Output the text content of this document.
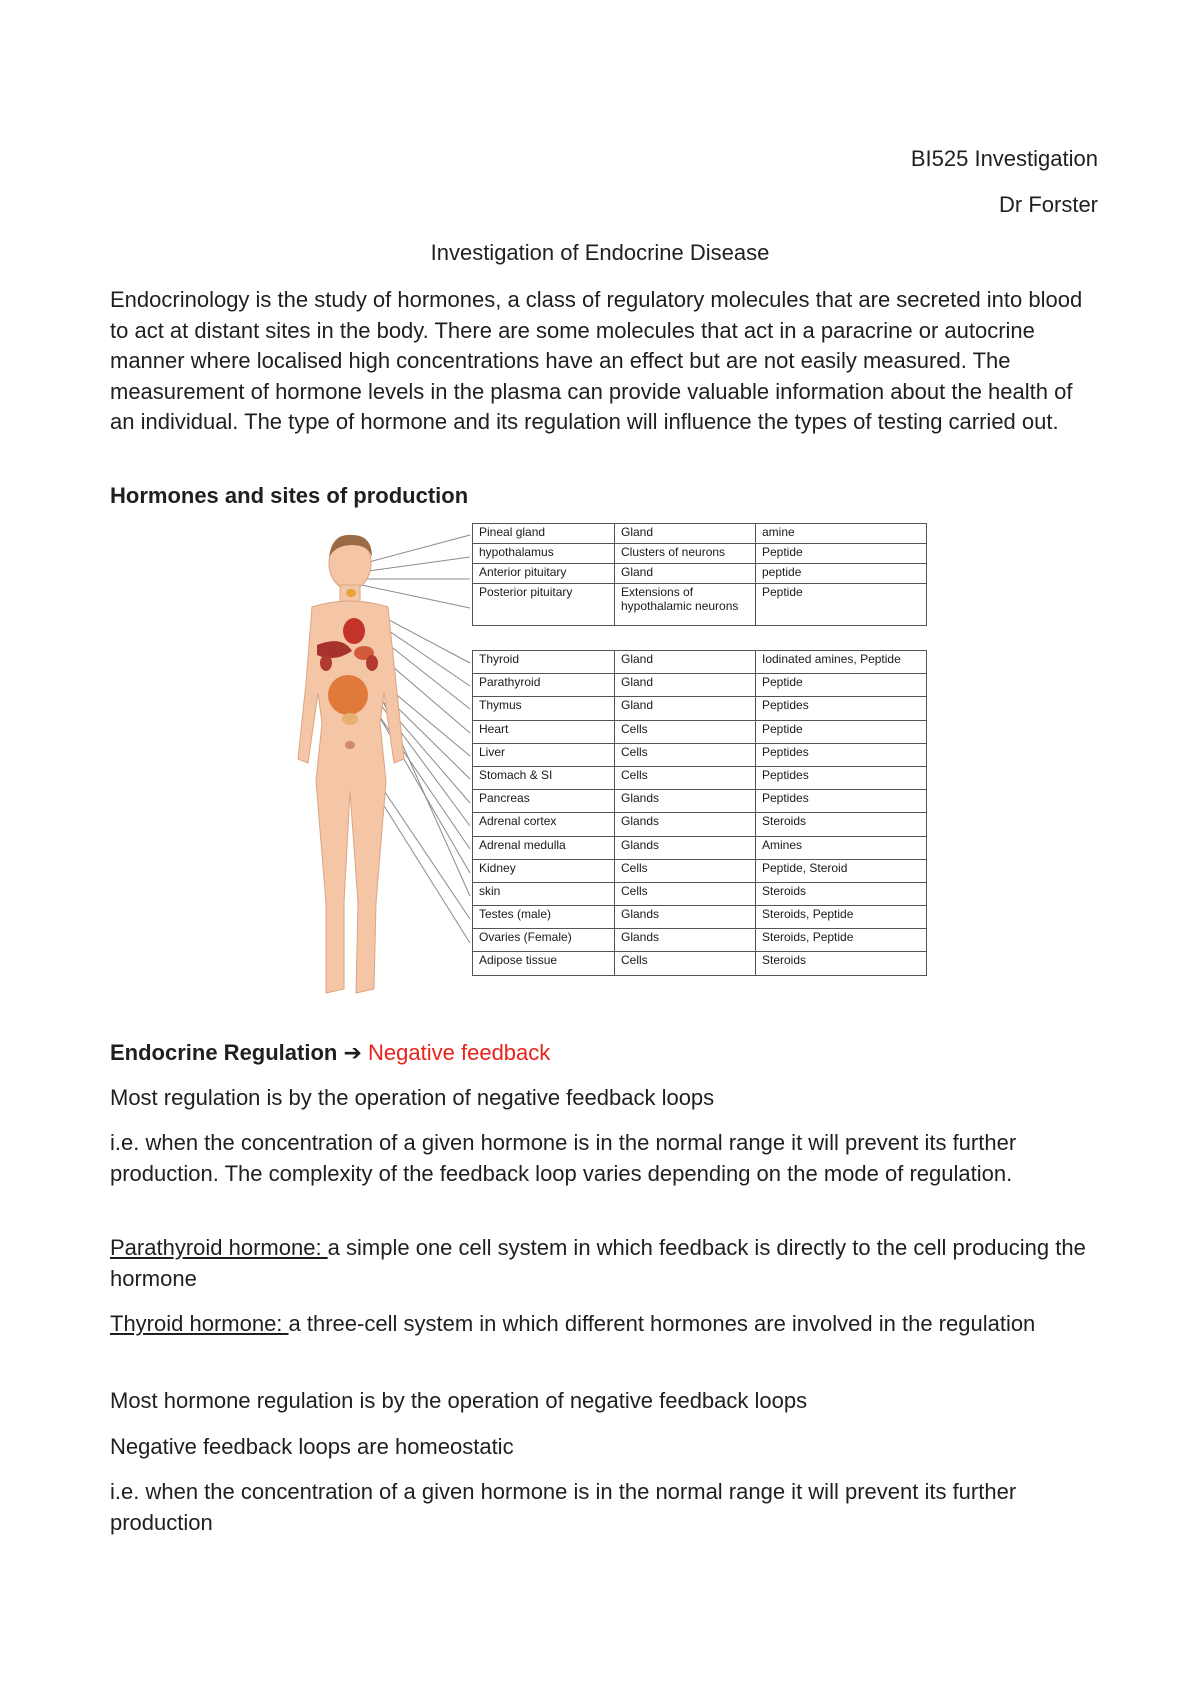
BI525 Investigation
Dr Forster
Investigation of Endocrine Disease

Endocrinology is the study of hormones, a class of regulatory molecules that are secreted into blood to act at distant sites in the body. There are some molecules that act in a paracrine or autocrine manner where localised high concentrations have an effect but are not easily measured. The measurement of hormone levels in the plasma can provide valuable information about the health of an individual. The type of hormone and its regulation will influence the types of testing carried out.

Hormones and sites of production
Pineal gland	Gland	amine
hypothalamus	Clusters of neurons	Peptide
Anterior pituitary	Gland	peptide
Posterior pituitary	Extensions of hypothalamic neurons	Peptide
Thyroid	Gland	Iodinated amines, Peptide
Parathyroid	Gland	Peptide
Thymus	Gland	Peptides
Heart	Cells	Peptide
Liver	Cells	Peptides
Stomach & SI	Cells	Peptides
Pancreas	Glands	Peptides
Adrenal cortex	Glands	Steroids
Adrenal medulla	Glands	Amines
Kidney	Cells	Peptide, Steroid
skin	Cells	Steroids
Testes (male)	Glands	Steroids, Peptide
Ovaries (Female)	Glands	Steroids, Peptide
Adipose tissue	Cells	Steroids
Endocrine Regulation ➔ Negative feedback

Most regulation is by the operation of negative feedback loops

i.e. when the concentration of a given hormone is in the normal range it will prevent its further production. The complexity of the feedback loop varies depending on the mode of regulation.

Parathyroid hormone: a simple one cell system in which feedback is directly to the cell producing the hormone

Thyroid hormone: a three-cell system in which different hormones are involved in the regulation

Most hormone regulation is by the operation of negative feedback loops

Negative feedback loops are homeostatic

i.e. when the concentration of a given hormone is in the normal range it will prevent its further production
